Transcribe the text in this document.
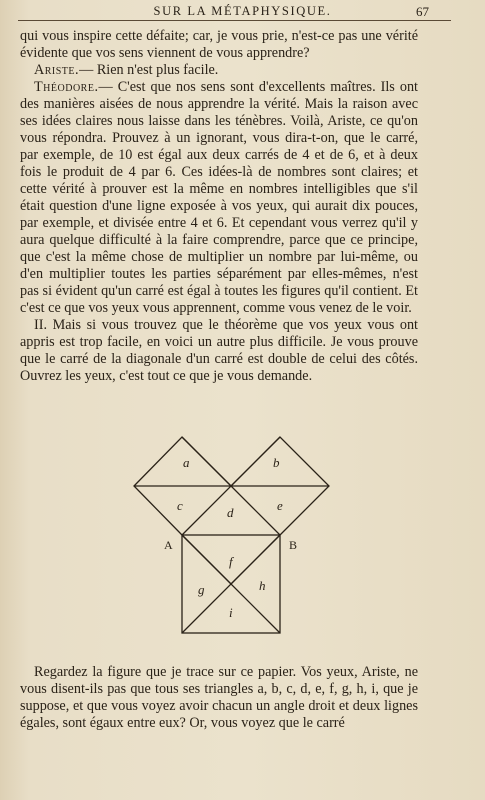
SUR LA MÉTAPHYSIQUE.	67

qui vous inspire cette défaite; car, je vous prie, n'est-ce pas une vérité évidente que vos sens viennent de vous apprendre?

Ariste.— Rien n'est plus facile.

Théodore.— C'est que nos sens sont d'excellents maîtres. Ils ont des manières aisées de nous apprendre la vérité. Mais la raison avec ses idées claires nous laisse dans les ténèbres. Voilà, Ariste, ce qu'on vous répondra. Prouvez à un ignorant, vous dira-t-on, que le carré, par exemple, de 10 est égal aux deux carrés de 4 et de 6, et à deux fois le produit de 4 par 6. Ces idées-là de nombres sont claires; et cette vérité à prouver est la même en nombres intelligibles que s'il était question d'une ligne exposée à vos yeux, qui aurait dix pouces, par exemple, et divisée entre 4 et 6. Et cependant vous verrez qu'il y aura quelque difficulté à la faire comprendre, parce que ce principe, que c'est la même chose de multiplier un nombre par lui-même, ou d'en multiplier toutes les parties séparément par elles-mêmes, n'est pas si évident qu'un carré est égal à toutes les figures qu'il contient. Et c'est ce que vos yeux vous apprennent, comme vous venez de le voir.

II. Mais si vous trouvez que le théorème que vos yeux vous ont appris est trop facile, en voici un autre plus difficile. Je vous prouve que le carré de la diagonale d'un carré est double de celui des côtés. Ouvrez les yeux, c'est tout ce que je vous demande.

a	b
c	d	e
f
g	h
i
A	B

Regardez la figure que je trace sur ce papier. Vos yeux, Ariste, ne vous disent-ils pas que tous ses triangles a, b, c, d, e, f, g, h, i, que je suppose, et que vous voyez avoir chacun un angle droit et deux lignes égales, sont égaux entre eux? Or, vous voyez que le carré
